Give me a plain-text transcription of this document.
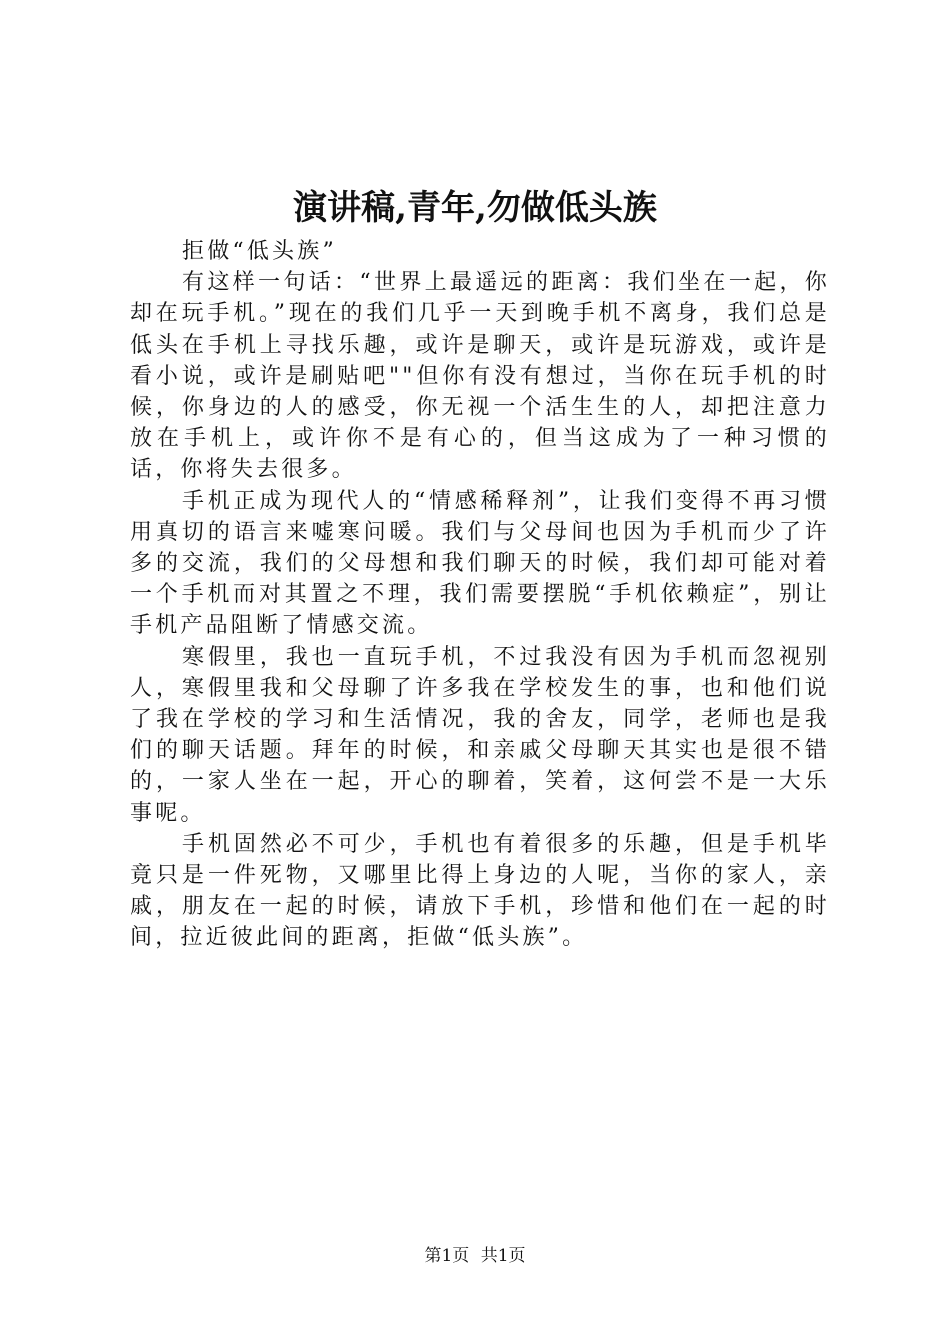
演讲稿,青年,勿做低头族

拒做“低头族”

有这样一句话：“世界上最遥远的距离：我们坐在一起，你却在玩手机。”现在的我们几乎一天到晚手机不离身，我们总是低头在手机上寻找乐趣，或许是聊天，或许是玩游戏，或许是看小说，或许是刷贴吧""但你有没有想过，当你在玩手机的时候，你身边的人的感受，你无视一个活生生的人，却把注意力放在手机上，或许你不是有心的，但当这成为了一种习惯的话，你将失去很多。

手机正成为现代人的“情感稀释剂”，让我们变得不再习惯用真切的语言来嘘寒问暖。我们与父母间也因为手机而少了许多的交流，我们的父母想和我们聊天的时候，我们却可能对着一个手机而对其置之不理，我们需要摆脱“手机依赖症”，别让手机产品阻断了情感交流。

寒假里，我也一直玩手机，不过我没有因为手机而忽视别人，寒假里我和父母聊了许多我在学校发生的事，也和他们说了我在学校的学习和生活情况，我的舍友，同学，老师也是我们的聊天话题。拜年的时候，和亲戚父母聊天其实也是很不错的，一家人坐在一起，开心的聊着，笑着，这何尝不是一大乐事呢。

手机固然必不可少，手机也有着很多的乐趣，但是手机毕竟只是一件死物，又哪里比得上身边的人呢，当你的家人，亲戚，朋友在一起的时候，请放下手机，珍惜和他们在一起的时间，拉近彼此间的距离，拒做“低头族”。

第1页 共1页
